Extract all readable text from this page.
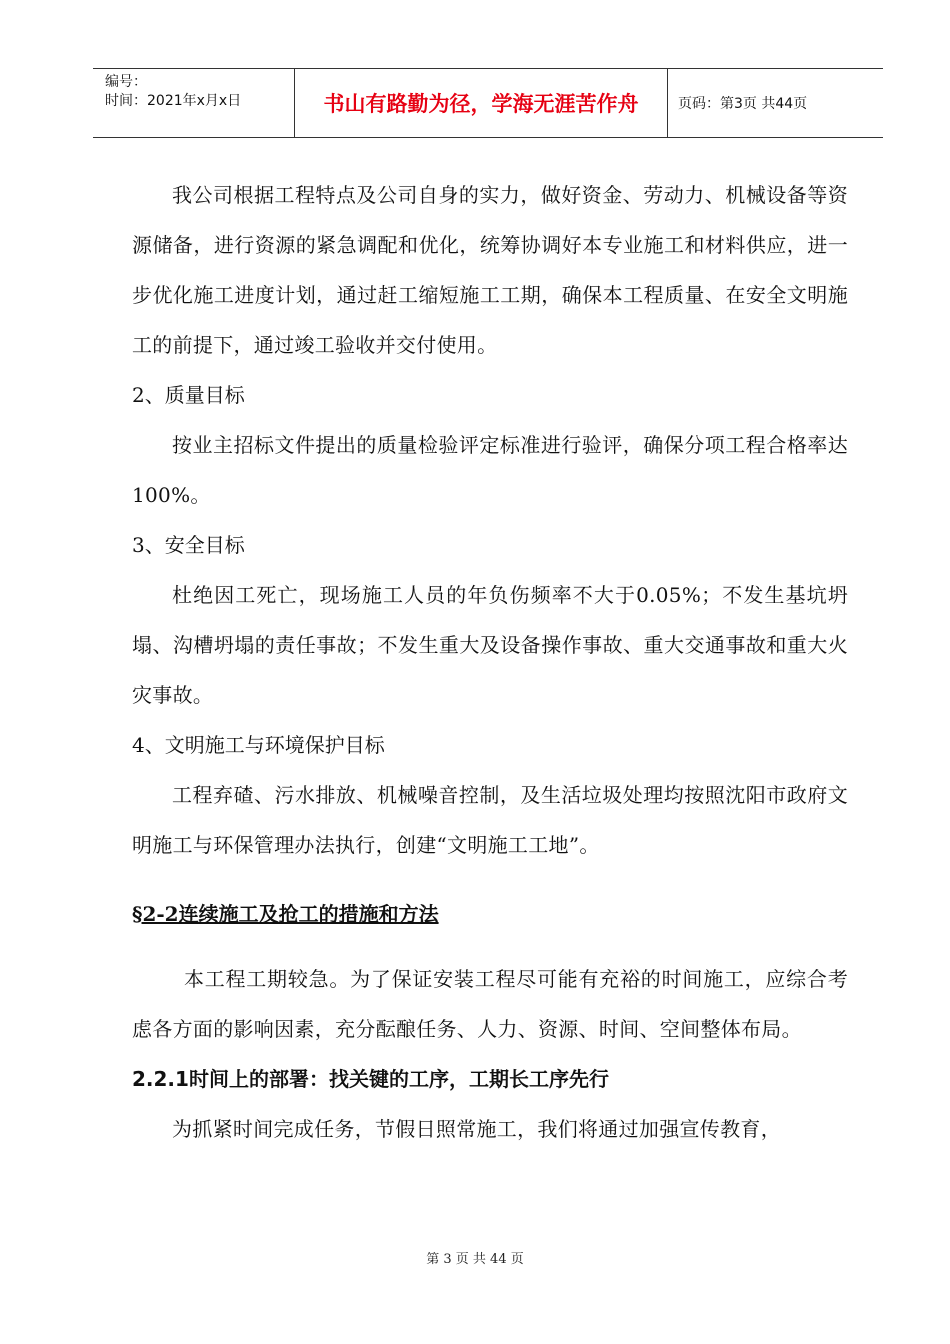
编号：
时间：2021年x月x日	书山有路勤为径，学海无涯苦作舟	页码：第3页 共44页

我公司根据工程特点及公司自身的实力，做好资金、劳动力、机械设备等资源储备，进行资源的紧急调配和优化，统筹协调好本专业施工和材料供应，进一步优化施工进度计划，通过赶工缩短施工工期，确保本工程质量、在安全文明施工的前提下，通过竣工验收并交付使用。

2、质量目标

按业主招标文件提出的质量检验评定标准进行验评，确保分项工程合格率达100%。

3、安全目标

杜绝因工死亡，现场施工人员的年负伤频率不大于0.05%；不发生基坑坍塌、沟槽坍塌的责任事故；不发生重大及设备操作事故、重大交通事故和重大火灾事故。

4、文明施工与环境保护目标

工程弃碴、污水排放、机械噪音控制，及生活垃圾处理均按照沈阳市政府文明施工与环保管理办法执行，创建“文明施工工地”。

§2-2连续施工及抢工的措施和方法

本工程工期较急。为了保证安装工程尽可能有充裕的时间施工，应综合考虑各方面的影响因素，充分酝酿任务、人力、资源、时间、空间整体布局。

2.2.1时间上的部署：找关键的工序，工期长工序先行

为抓紧时间完成任务，节假日照常施工，我们将通过加强宣传教育，

第 3 页 共 44 页
